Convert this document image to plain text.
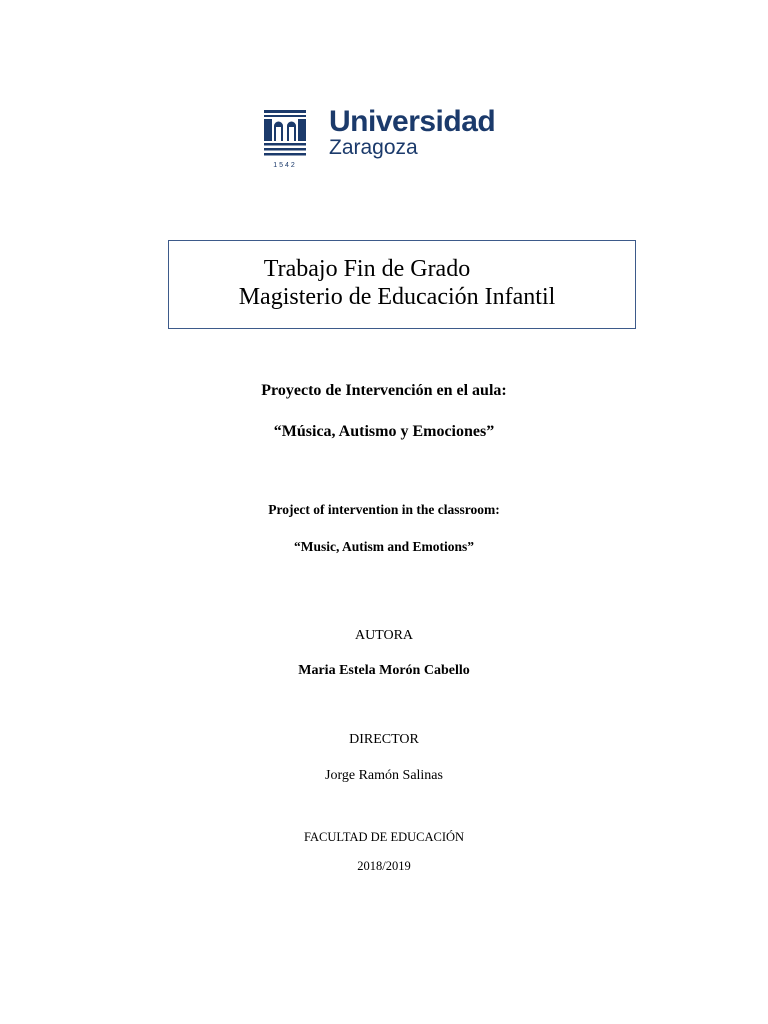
1542
Universidad
Zaragoza
Trabajo Fin de Grado
Magisterio de Educación Infantil
Proyecto de Intervención en el aula:
“Música, Autismo y Emociones”
Project of intervention in the classroom:
“Music, Autism and Emotions”
AUTORA
Maria Estela Morón Cabello
DIRECTOR
Jorge Ramón Salinas
FACULTAD DE EDUCACIÓN
2018/2019
